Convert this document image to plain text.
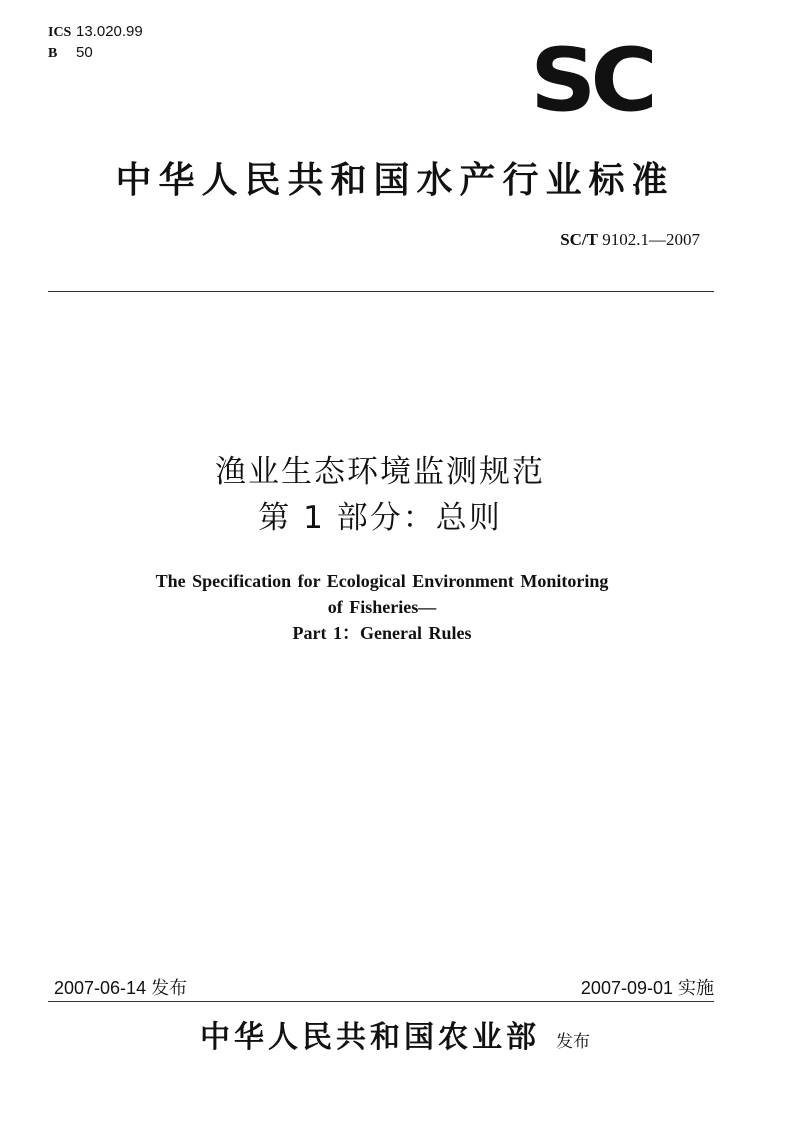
ICS 13.020.99
B 50	SC
中华人民共和国水产行业标准
SC/T 9102.1—2007
渔业生态环境监测规范
第 1 部分：总则
The Specification for Ecological Environment Monitoring
of Fisheries—
Part 1：General Rules
2007-06-14 发布	2007-09-01 实施
中华人民共和国农业部 发布
